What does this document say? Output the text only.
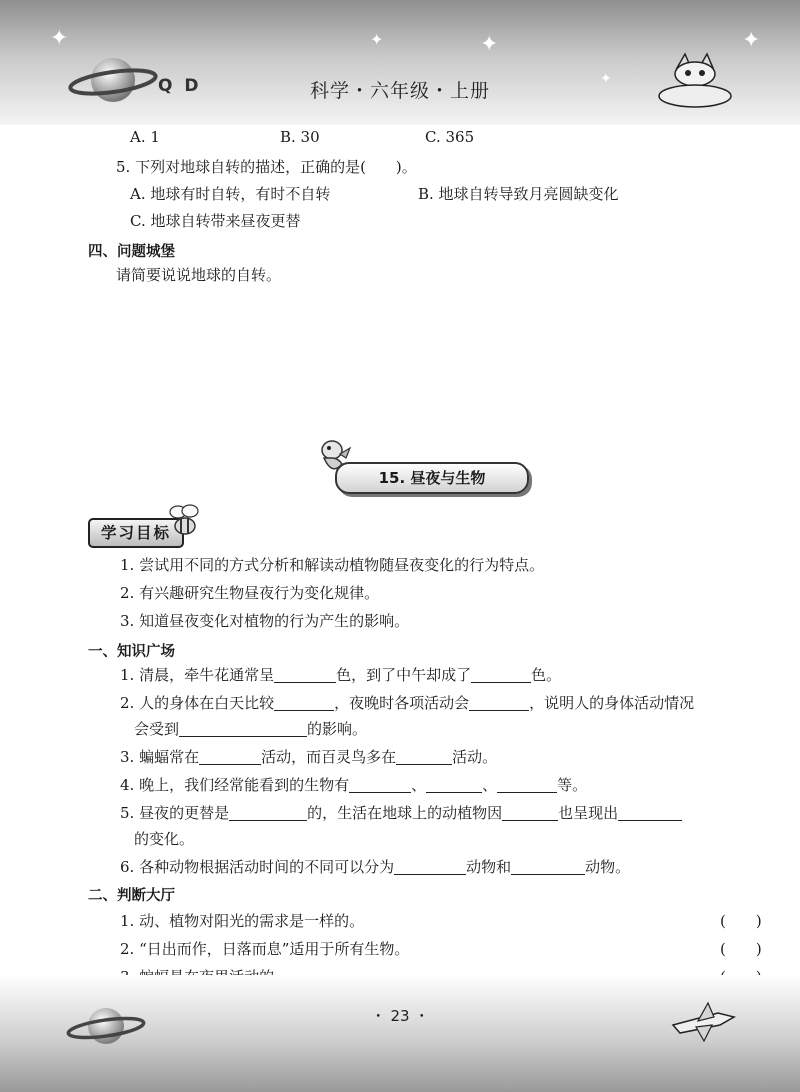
✦	✦	✦	✦
✦
Q D	科学・六年级・上册
A. 1	B. 30	C. 365
5. 下列对地球自转的描述，正确的是(　　)。
A. 地球有时自转，有时不自转	B. 地球自转导致月亮圆缺变化
C. 地球自转带来昼夜更替
四、问题城堡
请简要说说地球的自转。
15. 昼夜与生物
学习目标
1. 尝试用不同的方式分析和解读动植物随昼夜变化的行为特点。
2. 有兴趣研究生物昼夜行为变化规律。
3. 知道昼夜变化对植物的行为产生的影响。
一、知识广场
1. 清晨，牵牛花通常呈	色，到了中午却成了	色。
2. 人的身体在白天比较	，夜晚时各项活动会	，说明人的身体活动情况
会受到	的影响。
3. 蝙蝠常在	活动，而百灵鸟多在	活动。
4. 晚上，我们经常能看到的生物有	、	、	等。
5. 昼夜的更替是	的，生活在地球上的动植物因	也呈现出
的变化。
6. 各种动物根据活动时间的不同可以分为	动物和	动物。
二、判断大厅
1. 动、植物对阳光的需求是一样的。	(　　)
2. “日出而作，日落而息”适用于所有生物。	(　　)
・ 23 ・
